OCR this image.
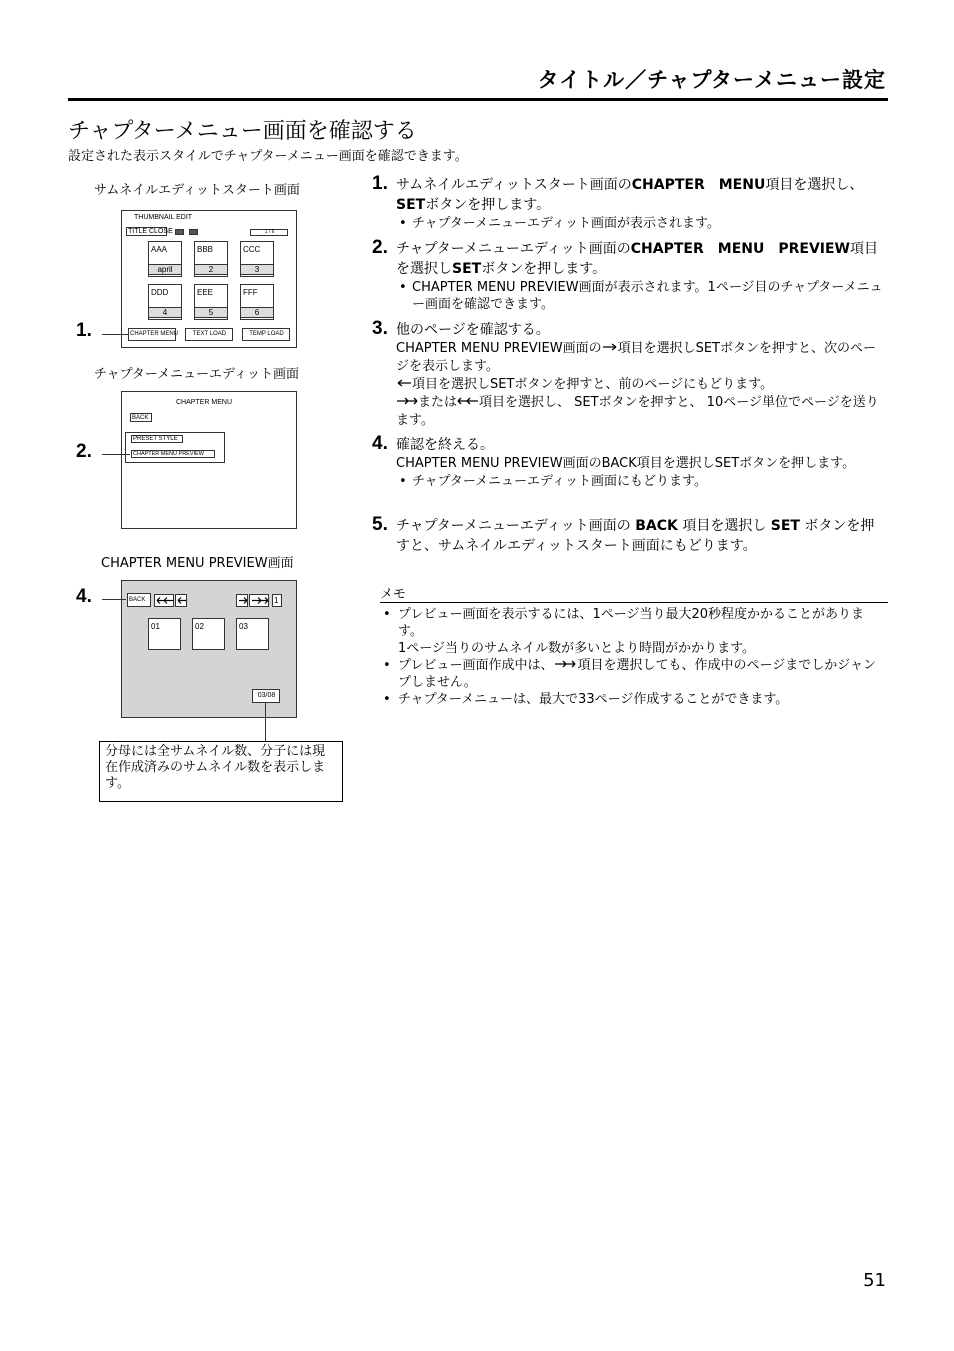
タイトル／チャプターメニュー設定
チャプターメニュー画面を確認する
設定された表示スタイルでチャプターメニュー画面を確認できます。
サムネイルエディットスタート画面
THUMBNAIL EDIT
TITLE CLOSE	1 / 6
AAA
april
BBB
2
CCC
3
DDD
4
EEE
5
FFF
6
CHAPTER MENU	TEXT LOAD	TEMP LOAD
1.
チャプターメニューエディット画面
CHAPTER MENU
BACK
PRESET STYLE
CHAPTER MENU PREVIEW
2.
CHAPTER MENU PREVIEW画面
BACK	1
01	02	03
03/08
4.
分母には全サムネイル数、分子には現在作成済みのサムネイル数を表示します。
1. サムネイルエディットスタート画面のCHAPTER　MENU項目を選択し、SETボタンを押します。
• チャプターメニューエディット画面が表示されます。
2. チャプターメニューエディット画面のCHAPTER　MENU　PREVIEW項目を選択しSETボタンを押します。
• CHAPTER MENU PREVIEW画面が表示されます。1ページ目のチャプターメニュー画面を確認できます。
3. 他のページを確認する。
CHAPTER MENU PREVIEW画面の 項目を選択しSETボタンを押すと、次のページを表示します。
項目を選択しSETボタンを押すと、前のページにもどります。
または 項目を選択し、 SETボタンを押すと、 10ページ単位でページを送ります。
4. 確認を終える。
CHAPTER MENU PREVIEW画面のBACK項目を選択しSETボタンを押します。
• チャプターメニューエディット画面にもどります。
5. チャプターメニューエディット画面の BACK 項目を選択し SET ボタンを押すと、サムネイルエディットスタート画面にもどります。
メモ
• プレビュー画面を表示するには、1ページ当り最大20秒程度かかることがあります。
1ページ当りのサムネイル数が多いとより時間がかかります。
• プレビュー画面作成中は、 項目を選択しても、作成中のページまでしかジャンプしません。
• チャプターメニューは、最大で33ページ作成することができます。
51
